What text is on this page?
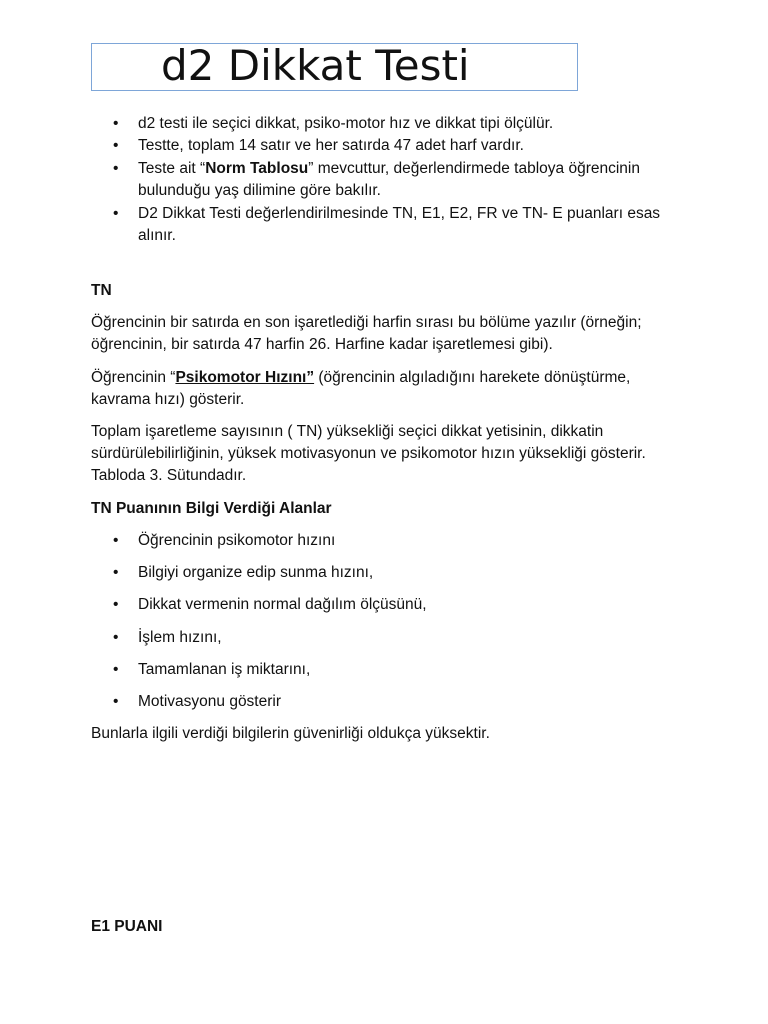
d2 Dikkat Testi
• d2 testi ile seçici dikkat, psiko-motor hız ve dikkat tipi ölçülür.
• Testte, toplam 14 satır ve her satırda 47 adet harf vardır.
• Teste ait “Norm Tablosu” mevcuttur, değerlendirmede tabloya öğrencinin bulunduğu yaş dilimine göre bakılır.
• D2 Dikkat Testi değerlendirilmesinde TN, E1, E2, FR ve TN- E puanları esas alınır.

TN

Öğrencinin bir satırda en son işaretlediği harfin sırası bu bölüme yazılır (örneğin; öğrencinin, bir satırda 47 harfin 26. Harfine kadar işaretlemesi gibi).

Öğrencinin “Psikomotor Hızını” (öğrencinin algıladığını harekete dönüştürme, kavrama hızı) gösterir.

Toplam işaretleme sayısının ( TN) yüksekliği seçici dikkat yetisinin, dikkatin sürdürülebilirliğinin, yüksek motivasyonun ve psikomotor hızın yüksekliği gösterir. Tabloda 3. Sütundadır.

TN Puanının Bilgi Verdiği Alanlar

• Öğrencinin psikomotor hızını
• Bilgiyi organize edip sunma hızını,
• Dikkat vermenin normal dağılım ölçüsünü,
• İşlem hızını,
• Tamamlanan iş miktarını,
• Motivasyonu gösterir

Bunlarla ilgili verdiği bilgilerin güvenirliği oldukça yüksektir.

E1 PUANI
